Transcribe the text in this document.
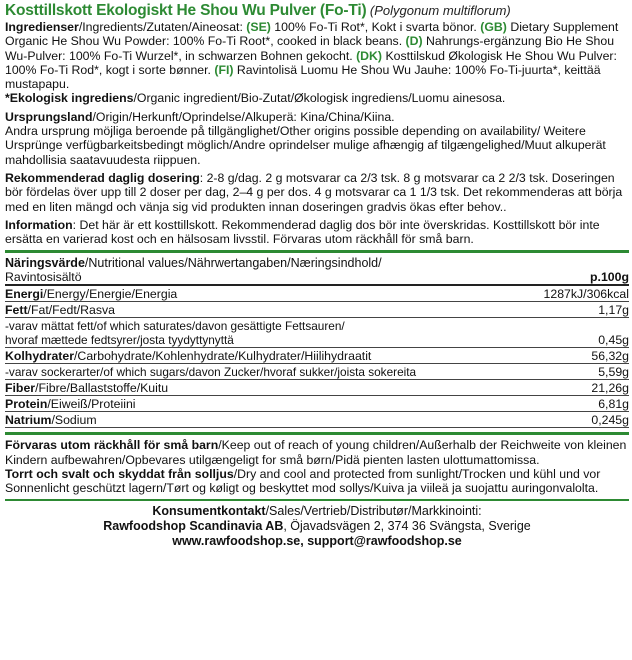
Kosttillskott Ekologiskt He Shou Wu Pulver (Fo-Ti) (Polygonum multiflorum)

Ingredienser/Ingredients/Zutaten/Aineosat: (SE) 100% Fo-Ti Rot*, Kokt i svarta bönor. (GB) Dietary Supplement Organic He Shou Wu Powder: 100% Fo-Ti Root*, cooked in black beans. (D) Nahrungs-ergänzung Bio He Shou Wu-Pulver: 100% Fo-Ti Wurzel*, in schwarzen Bohnen gekocht. (DK) Kosttilskud Økologisk He Shou Wu Pulver: 100% Fo-Ti Rod*, kogt i sorte bønner. (FI) Ravintolisä Luomu He Shou Wu Jauhe: 100% Fo-Ti-juurta*, keittää mustapapu.

*Ekologisk ingrediens/Organic ingredient/Bio-Zutat/Økologisk ingrediens/Luomu ainesosa.

Ursprungsland/Origin/Herkunft/Oprindelse/Alkuperä: Kina/China/Kiina.

Andra ursprung möjliga beroende på tillgänglighet/Other origins possible depending on availability/ Weitere Ursprünge verfügbarkeitsbedingt möglich/Andre oprindelser mulige afhængig af tilgængelighed/Muut alkuperät mahdollisia saatavuudesta riippuen.

Rekommenderad daglig dosering: 2-8 g/dag. 2 g motsvarar ca 2/3 tsk. 8 g motsvarar ca 2 2/3 tsk. Doseringen bör fördelas över upp till 2 doser per dag, 2–4 g per dos. 4 g motsvarar ca 1 1/3 tsk. Det rekommenderas att börja med en liten mängd och vänja sig vid produkten innan doseringen gradvis ökas efter behov..

Information: Det här är ett kosttillskott. Rekommenderad daglig dos bör inte överskridas. Kosttillskott bör inte ersätta en varierad kost och en hälsosam livsstil. Förvaras utom räckhåll för små barn.

Näringsvärde/Nutritional values/Nährwertangaben/Næringsindhold/
Ravintosisältö	p.100g
Energi/Energy/Energie/Energia	1287kJ/306kcal
Fett/Fat/Fedt/Rasva	1,17g
-varav mättat fett/of which saturates/davon gesättigte Fettsauren/
hvoraf mættede fedtsyrer/josta tyydyttynyttä	0,45g
Kolhydrater/Carbohydrate/Kohlenhydrate/Kulhydrater/Hiilihydraatit	56,32g
-varav sockerarter/of which sugars/davon Zucker/hvoraf sukker/joista sokereita	5,59g
Fiber/Fibre/Ballaststoffe/Kuitu	21,26g
Protein/Eiweiß/Proteiini	6,81g
Natrium/Sodium	0,245g

Förvaras utom räckhåll för små barn/Keep out of reach of young children/Außerhalb der Reichweite von kleinen Kindern aufbewahren/Opbevares utilgængeligt for små børn/Pidä pienten lasten ulottumattomissa.

Torrt och svalt och skyddat från solljus/Dry and cool and protected from sunlight/Trocken und kühl und vor Sonnenlicht geschützt lagern/Tørt og køligt og beskyttet mod sollys/Kuiva ja viileä ja suojattu auringonvalolta.

Konsumentkontakt/Sales/Vertrieb/Distributør/Markkinointi:
Rawfoodshop Scandinavia AB, Öjavadsvägen 2, 374 36 Svängsta, Sverige
www.rawfoodshop.se, support@rawfoodshop.se
